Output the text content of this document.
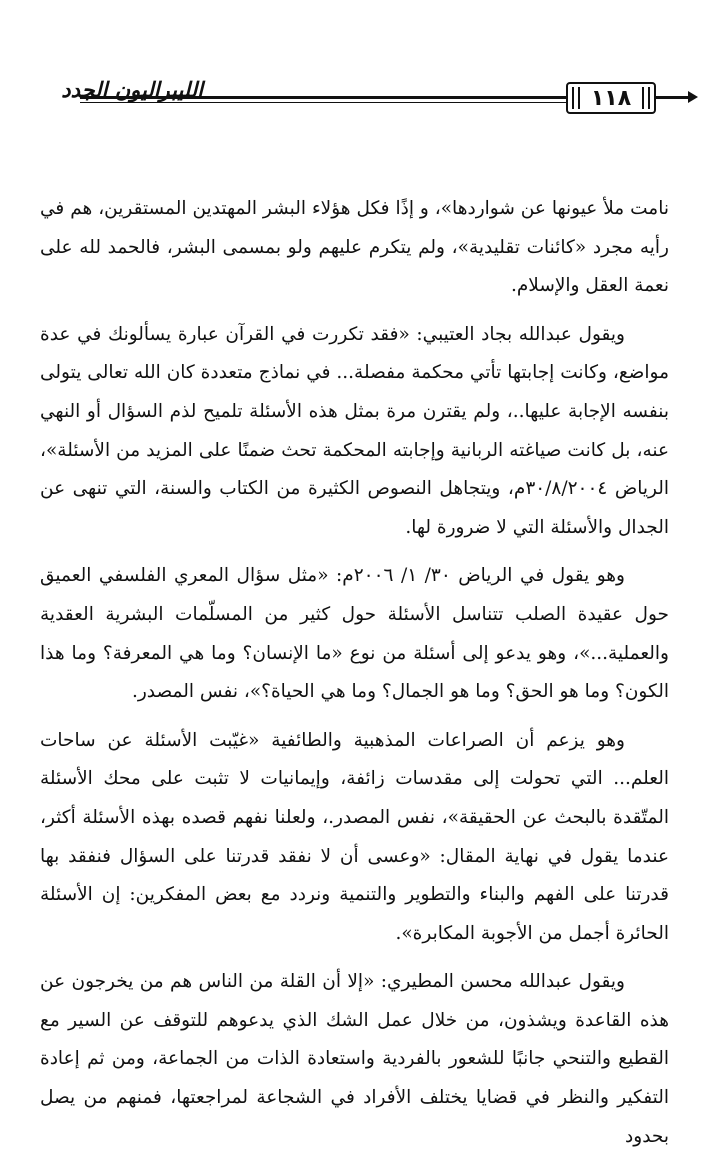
الليبراليون الجدد	١١٨

نامت ملأ عيونها عن شواردها»، و إذًا فكل هؤلاء البشر المهتدين المستقرين، هم في رأيه مجرد «كائنات تقليدية»، ولم يتكرم عليهم ولو بمسمى البشر، فالحمد لله على نعمة العقل والإسلام.

ويقول عبدالله بجاد العتيبي: «فقد تكررت في القرآن عبارة يسألونك في عدة مواضع، وكانت إجابتها تأتي محكمة مفصلة... في نماذج متعددة كان الله تعالى يتولى بنفسه الإجابة عليها..، ولم يقترن مرة بمثل هذه الأسئلة تلميح لذم السؤال أو النهي عنه، بل كانت صياغته الربانية وإجابته المحكمة تحث ضمنًا على المزيد من الأسئلة»، الرياض ٣٠/٨/٢٠٠٤م، ويتجاهل النصوص الكثيرة من الكتاب والسنة، التي تنهى عن الجدال والأسئلة التي لا ضرورة لها.

وهو يقول في الرياض ٣٠/ ١/ ٢٠٠٦م: «مثل سؤال المعري الفلسفي العميق حول عقيدة الصلب تتناسل الأسئلة حول كثير من المسلّمات البشرية العقدية والعملية...»، وهو يدعو إلى أسئلة من نوع «ما الإنسان؟ وما هي المعرفة؟ وما هذا الكون؟ وما هو الحق؟ وما هو الجمال؟ وما هي الحياة؟»، نفس المصدر.

وهو يزعم أن الصراعات المذهبية والطائفية «غيّبت الأسئلة عن ساحات العلم... التي تحولت إلى مقدسات زائفة، وإيمانيات لا تثبت على محك الأسئلة المتّقدة بالبحث عن الحقيقة»، نفس المصدر.، ولعلنا نفهم قصده بهذه الأسئلة أكثر، عندما يقول في نهاية المقال: «وعسى أن لا نفقد قدرتنا على السؤال فنفقد بها قدرتنا على الفهم والبناء والتطوير والتنمية ونردد مع بعض المفكرين: إن الأسئلة الحائرة أجمل من الأجوبة المكابرة».

ويقول عبدالله محسن المطيري: «إلا أن القلة من الناس هم من يخرجون عن هذه القاعدة ويشذون، من خلال عمل الشك الذي يدعوهم للتوقف عن السير مع القطيع والتنحي جانبًا للشعور بالفردية واستعادة الذات من الجماعة، ومن ثم إعادة التفكير والنظر في قضايا يختلف الأفراد في الشجاعة لمراجعتها، فمنهم من يصل بحدود
